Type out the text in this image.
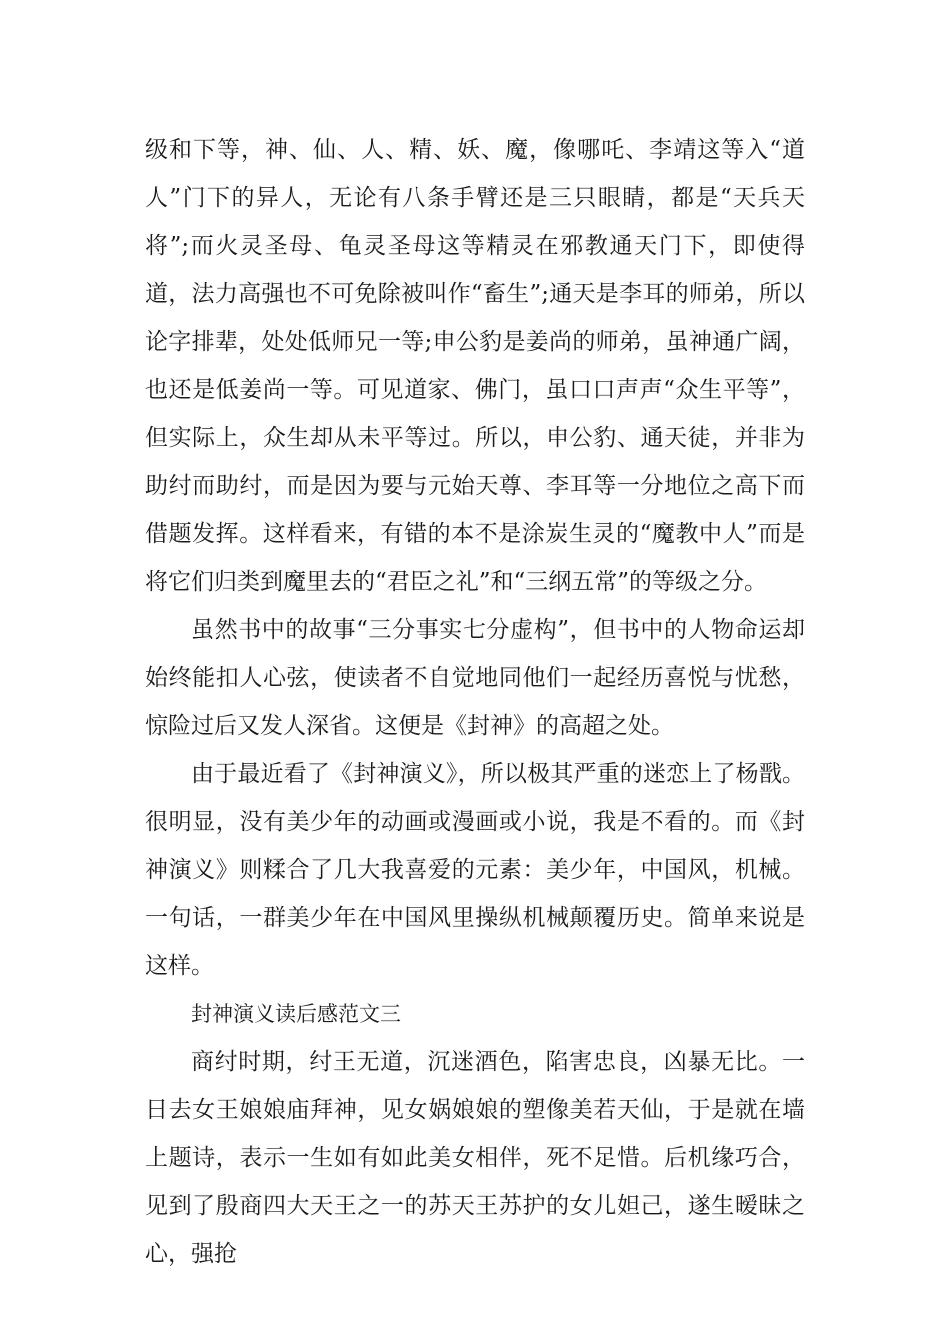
级和下等，神、仙、人、精、妖、魔，像哪吒、李靖这等入“道人”门下的异人，无论有八条手臂还是三只眼睛，都是“天兵天将”;而火灵圣母、龟灵圣母这等精灵在邪教通天门下，即使得道，法力高强也不可免除被叫作“畜生”;通天是李耳的师弟，所以论字排辈，处处低师兄一等;申公豹是姜尚的师弟，虽神通广阔，也还是低姜尚一等。可见道家、佛门，虽口口声声“众生平等”，但实际上，众生却从未平等过。所以，申公豹、通天徒，并非为助纣而助纣，而是因为要与元始天尊、李耳等一分地位之高下而借题发挥。这样看来，有错的本不是涂炭生灵的“魔教中人”而是将它们归类到魔里去的“君臣之礼”和“三纲五常”的等级之分。

虽然书中的故事“三分事实七分虚构”，但书中的人物命运却始终能扣人心弦，使读者不自觉地同他们一起经历喜悦与忧愁，惊险过后又发人深省。这便是《封神》的高超之处。

由于最近看了《封神演义》，所以极其严重的迷恋上了杨戬。很明显，没有美少年的动画或漫画或小说，我是不看的。而《封神演义》则糅合了几大我喜爱的元素：美少年，中国风，机械。一句话，一群美少年在中国风里操纵机械颠覆历史。简单来说是这样。

封神演义读后感范文三

商纣时期，纣王无道，沉迷酒色，陷害忠良，凶暴无比。一日去女王娘娘庙拜神，见女娲娘娘的塑像美若天仙，于是就在墙上题诗，表示一生如有如此美女相伴，死不足惜。后机缘巧合，见到了殷商四大天王之一的苏天王苏护的女儿妲己，遂生暧昧之心，强抢
